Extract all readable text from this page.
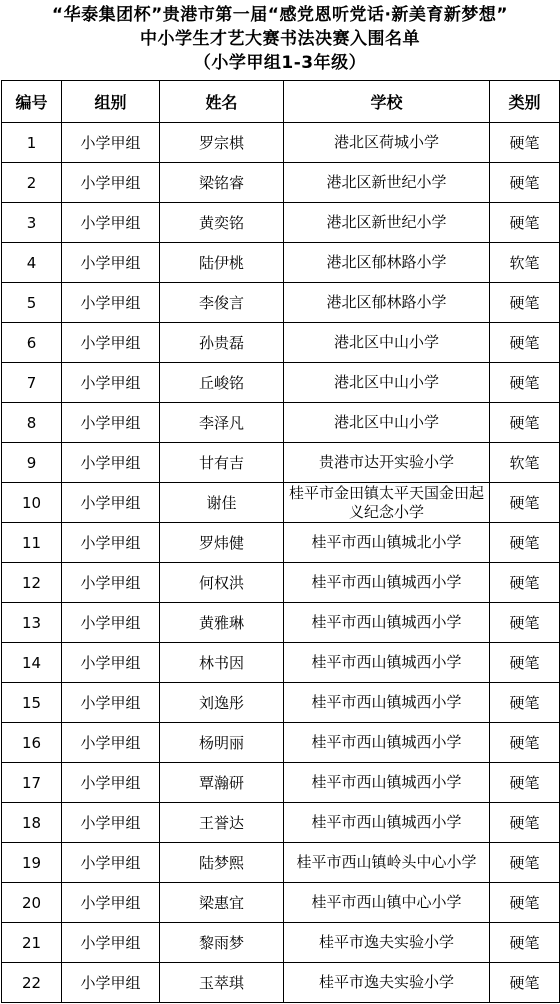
“华泰集团杯”贵港市第一届“感党恩听党话·新美育新梦想”
中小学生才艺大赛书法决赛入围名单
（小学甲组1-3年级）
编号	组别	姓名	学校	类别
1	小学甲组	罗宗棋	港北区荷城小学	硬笔
2	小学甲组	梁铭睿	港北区新世纪小学	硬笔
3	小学甲组	黄奕铭	港北区新世纪小学	硬笔
4	小学甲组	陆伊桃	港北区郁林路小学	软笔
5	小学甲组	李俊言	港北区郁林路小学	硬笔
6	小学甲组	孙贵磊	港北区中山小学	硬笔
7	小学甲组	丘峻铭	港北区中山小学	硬笔
8	小学甲组	李泽凡	港北区中山小学	硬笔
9	小学甲组	甘有吉	贵港市达开实验小学	软笔
10	小学甲组	谢佳	桂平市金田镇太平天国金田起义纪念小学	硬笔
11	小学甲组	罗炜健	桂平市西山镇城北小学	硬笔
12	小学甲组	何权洪	桂平市西山镇城西小学	硬笔
13	小学甲组	黄雅琳	桂平市西山镇城西小学	硬笔
14	小学甲组	林书因	桂平市西山镇城西小学	硬笔
15	小学甲组	刘逸彤	桂平市西山镇城西小学	硬笔
16	小学甲组	杨明丽	桂平市西山镇城西小学	硬笔
17	小学甲组	覃瀚研	桂平市西山镇城西小学	硬笔
18	小学甲组	王誉达	桂平市西山镇城西小学	硬笔
19	小学甲组	陆梦熙	桂平市西山镇岭头中心小学	硬笔
20	小学甲组	梁惠宜	桂平市西山镇中心小学	硬笔
21	小学甲组	黎雨梦	桂平市逸夫实验小学	硬笔
22	小学甲组	玉萃琪	桂平市逸夫实验小学	硬笔
